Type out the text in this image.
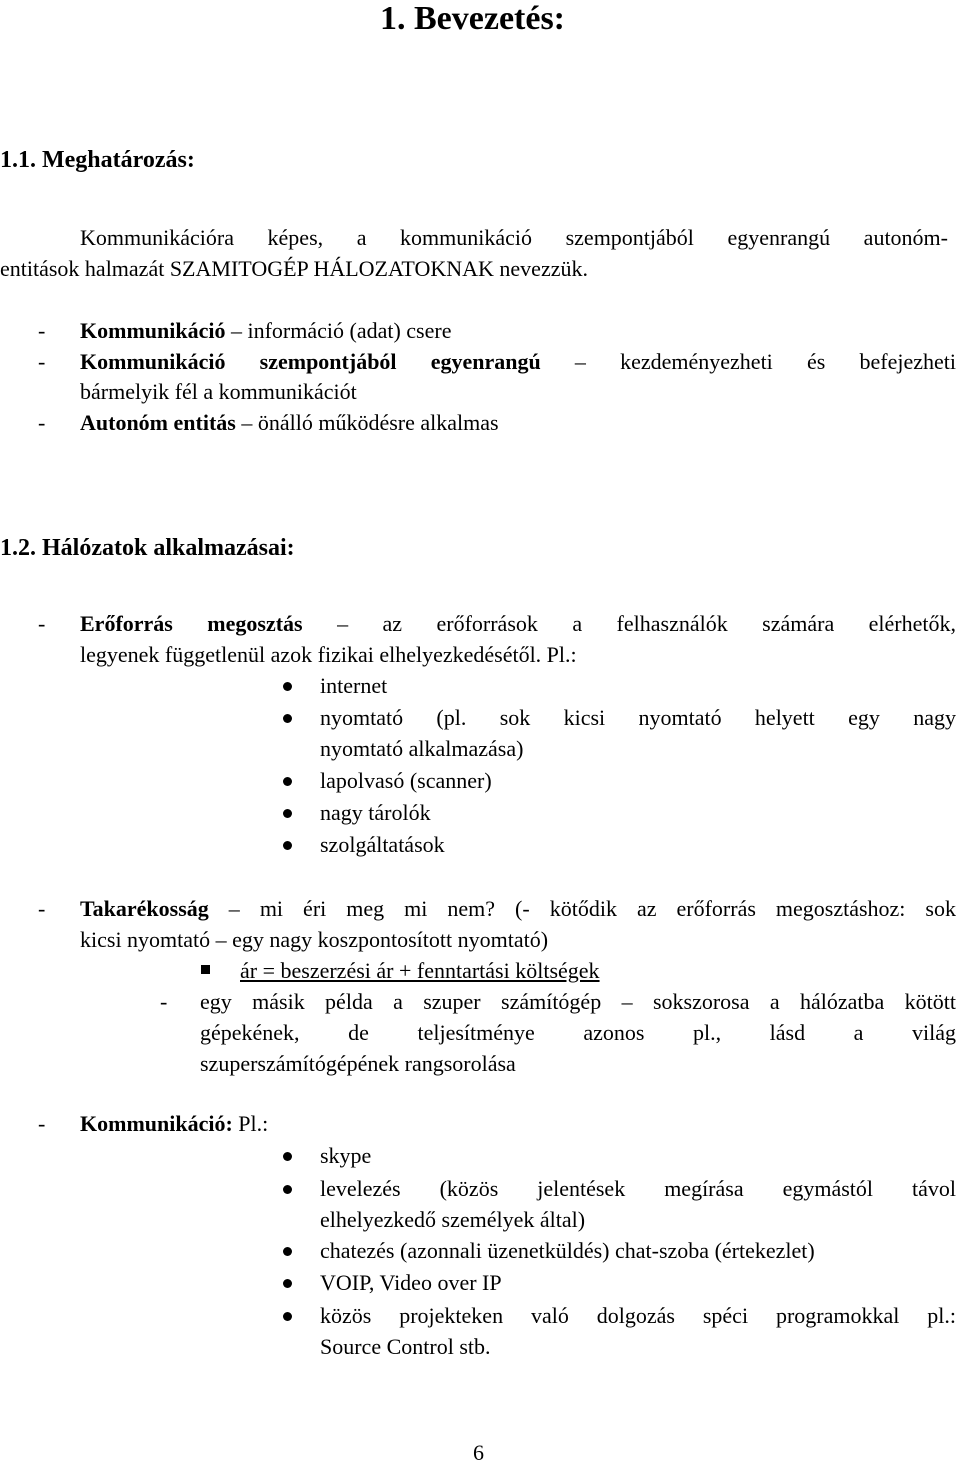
1. Bevezetés:
1.1. Meghatározás:
Kommunikációra képes, a kommunikáció szempontjából egyenrangú autonóm-
entitások halmazát SZAMITOGÉP HÁLOZATOKNAK nevezzük.
- Kommunikáció – információ (adat) csere
- Kommunikáció szempontjából egyenrangú – kezdeményezheti és befejezheti
bármelyik fél a kommunikációt
- Autonóm entitás – önálló működésre alkalmas
1.2. Hálózatok alkalmazásai:
- Erőforrás megosztás – az erőforrások a felhasználók számára elérhetők,
legyenek függetlenül azok fizikai elhelyezkedésétől. Pl.:
internet
nyomtató (pl. sok kicsi nyomtató helyett egy nagy
nyomtató alkalmazása)
lapolvasó (scanner)
nagy tárolók
szolgáltatások
- Takarékosság – mi éri meg mi nem? (- kötődik az erőforrás megosztáshoz: sok
kicsi nyomtató – egy nagy koszpontosított nyomtató)
ár = beszerzési ár + fenntartási költségek
- egy másik példa a szuper számítógép – sokszorosa a hálózatba kötött
gépekének, de teljesítménye azonos pl., lásd a világ
szuperszámítógépének rangsorolása
- Kommunikáció: Pl.:
skype
levelezés (közös jelentések megírása egymástól távol
elhelyezkedő személyek által)
chatezés (azonnali üzenetküldés) chat-szoba (értekezlet)
VOIP, Video over IP
közös projekteken való dolgozás spéci programokkal pl.:
Source Control stb.
6
